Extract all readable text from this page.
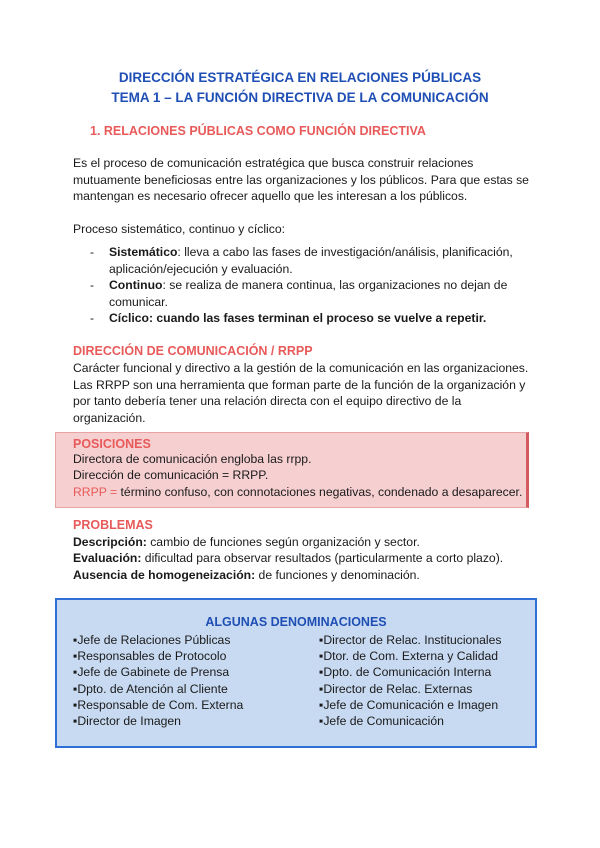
DIRECCIÓN ESTRATÉGICA EN RELACIONES PÚBLICAS
TEMA 1 – LA FUNCIÓN DIRECTIVA DE LA COMUNICACIÓN
1. RELACIONES PÚBLICAS COMO FUNCIÓN DIRECTIVA
Es el proceso de comunicación estratégica que busca construir relaciones
mutuamente beneficiosas entre las organizaciones y los públicos. Para que estas se
mantengan es necesario ofrecer aquello que les interesan a los públicos.
Proceso sistemático, continuo y cíclico:
- Sistemático: lleva a cabo las fases de investigación/análisis, planificación,
aplicación/ejecución y evaluación.
- Continuo: se realiza de manera continua, las organizaciones no dejan de
comunicar.
- Cíclico: cuando las fases terminan el proceso se vuelve a repetir.
DIRECCIÓN DE COMUNICACIÓN / RRPP
Carácter funcional y directivo a la gestión de la comunicación en las organizaciones.
Las RRPP son una herramienta que forman parte de la función de la organización y
por tanto debería tener una relación directa con el equipo directivo de la
organización.
POSICIONES
Directora de comunicación engloba las rrpp.
Dirección de comunicación = RRPP.
RRPP = término confuso, con connotaciones negativas, condenado a desaparecer.
PROBLEMAS
Descripción: cambio de funciones según organización y sector.
Evaluación: dificultad para observar resultados (particularmente a corto plazo).
Ausencia de homogeneización: de funciones y denominación.
ALGUNAS DENOMINACIONES
▪Jefe de Relaciones Públicas
▪Responsables de Protocolo
▪Jefe de Gabinete de Prensa
▪Dpto. de Atención al Cliente
▪Responsable de Com. Externa
▪Director de Imagen
▪Director de Relac. Institucionales
▪Dtor. de Com. Externa y Calidad
▪Dpto. de Comunicación Interna
▪Director de Relac. Externas
▪Jefe de Comunicación e Imagen
▪Jefe de Comunicación
